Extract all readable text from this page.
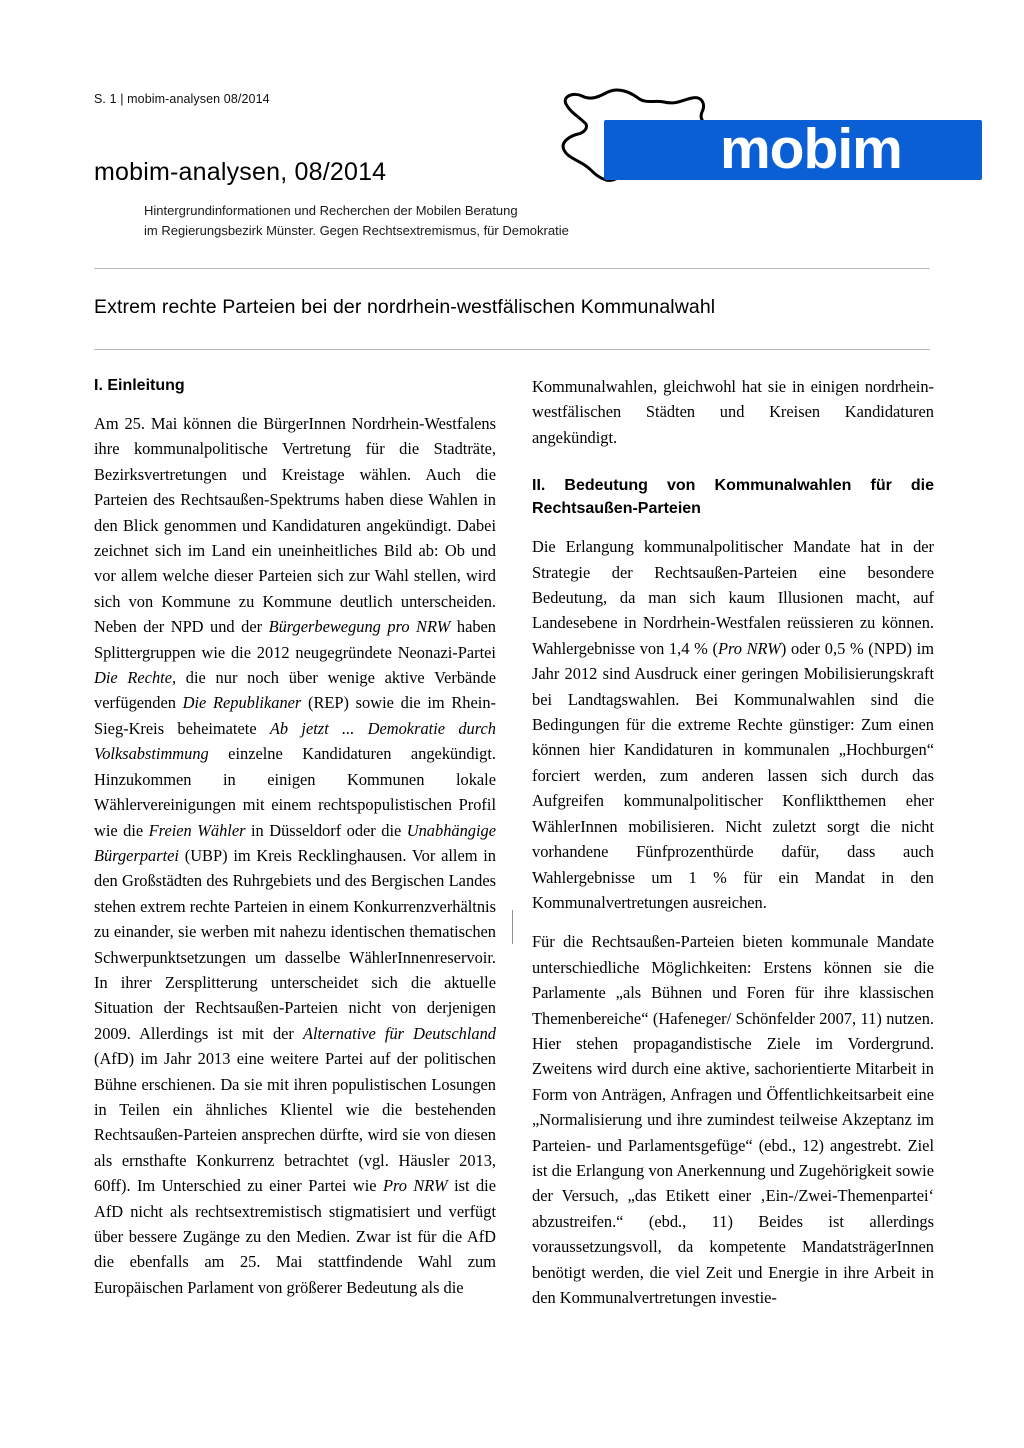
S. 1 | mobim-analysen 08/2014
mobim
mobim-analysen, 08/2014
Hintergrundinformationen und Recherchen der Mobilen Beratung
im Regierungsbezirk Münster. Gegen Rechtsextremismus, für Demokratie
Extrem rechte Parteien bei der nordrhein-westfälischen Kommunalwahl
I. Einleitung

Am 25. Mai können die BürgerInnen Nordrhein-Westfalens ihre kommunalpolitische Vertretung für die Stadträte, Bezirksvertretungen und Kreistage wählen. Auch die Parteien des Rechtsaußen-Spektrums haben diese Wahlen in den Blick genommen und Kandidaturen angekündigt. Dabei zeichnet sich im Land ein uneinheitliches Bild ab: Ob und vor allem welche dieser Parteien sich zur Wahl stellen, wird sich von Kommune zu Kommune deutlich unterscheiden. Neben der NPD und der Bürgerbewegung pro NRW haben Splittergruppen wie die 2012 neugegründete Neonazi-Partei Die Rechte, die nur noch über wenige aktive Verbände verfügenden Die Republikaner (REP) sowie die im Rhein-Sieg-Kreis beheimatete Ab jetzt ... Demokratie durch Volksabstimmung einzelne Kandidaturen angekündigt. Hinzukommen in einigen Kommunen lokale Wählervereinigungen mit einem rechtspopulistischen Profil wie die Freien Wähler in Düsseldorf oder die Unabhängige Bürgerpartei (UBP) im Kreis Recklinghausen. Vor allem in den Großstädten des Ruhrgebiets und des Bergischen Landes stehen extrem rechte Parteien in einem Konkurrenzverhältnis zu einander, sie werben mit nahezu identischen thematischen Schwerpunktsetzungen um dasselbe WählerInnenreservoir. In ihrer Zersplitterung unterscheidet sich die aktuelle Situation der Rechtsaußen-Parteien nicht von derjenigen 2009. Allerdings ist mit der Alternative für Deutschland (AfD) im Jahr 2013 eine weitere Partei auf der politischen Bühne erschienen. Da sie mit ihren populistischen Losungen in Teilen ein ähnliches Klientel wie die bestehenden Rechtsaußen-Parteien ansprechen dürfte, wird sie von diesen als ernsthafte Konkurrenz betrachtet (vgl. Häusler 2013, 60ff). Im Unterschied zu einer Partei wie Pro NRW ist die AfD nicht als rechtsextremistisch stigmatisiert und verfügt über bessere Zugänge zu den Medien. Zwar ist für die AfD die ebenfalls am 25. Mai stattfindende Wahl zum Europäischen Parlament von größerer Bedeutung als die

Kommunalwahlen, gleichwohl hat sie in einigen nordrhein-westfälischen Städten und Kreisen Kandidaturen angekündigt.

II. Bedeutung von Kommunalwahlen für die Rechtsaußen-Parteien

Die Erlangung kommunalpolitischer Mandate hat in der Strategie der Rechtsaußen-Parteien eine besondere Bedeutung, da man sich kaum Illusionen macht, auf Landesebene in Nordrhein-Westfalen reüssieren zu können. Wahlergebnisse von 1,4 % (Pro NRW) oder 0,5 % (NPD) im Jahr 2012 sind Ausdruck einer geringen Mobilisierungskraft bei Landtagswahlen. Bei Kommunalwahlen sind die Bedingungen für die extreme Rechte günstiger: Zum einen können hier Kandidaturen in kommunalen „Hochburgen“ forciert werden, zum anderen lassen sich durch das Aufgreifen kommunalpolitischer Konfliktthemen eher WählerInnen mobilisieren. Nicht zuletzt sorgt die nicht vorhandene Fünfprozenthürde dafür, dass auch Wahlergebnisse um 1 % für ein Mandat in den Kommunalvertretungen ausreichen.

Für die Rechtsaußen-Parteien bieten kommunale Mandate unterschiedliche Möglichkeiten: Erstens können sie die Parlamente „als Bühnen und Foren für ihre klassischen Themenbereiche“ (Hafeneger/ Schönfelder 2007, 11) nutzen. Hier stehen propagandistische Ziele im Vordergrund. Zweitens wird durch eine aktive, sachorientierte Mitarbeit in Form von Anträgen, Anfragen und Öffentlichkeitsarbeit eine „Normalisierung und ihre zumindest teilweise Akzeptanz im Parteien- und Parlamentsgefüge“ (ebd., 12) angestrebt. Ziel ist die Erlangung von Anerkennung und Zugehörigkeit sowie der Versuch, „das Etikett einer ‚Ein-/Zwei-Themenpartei‘ abzustreifen.“ (ebd., 11) Beides ist allerdings voraussetzungsvoll, da kompetente MandatsträgerInnen benötigt werden, die viel Zeit und Energie in ihre Arbeit in den Kommunalvertretungen investie-
